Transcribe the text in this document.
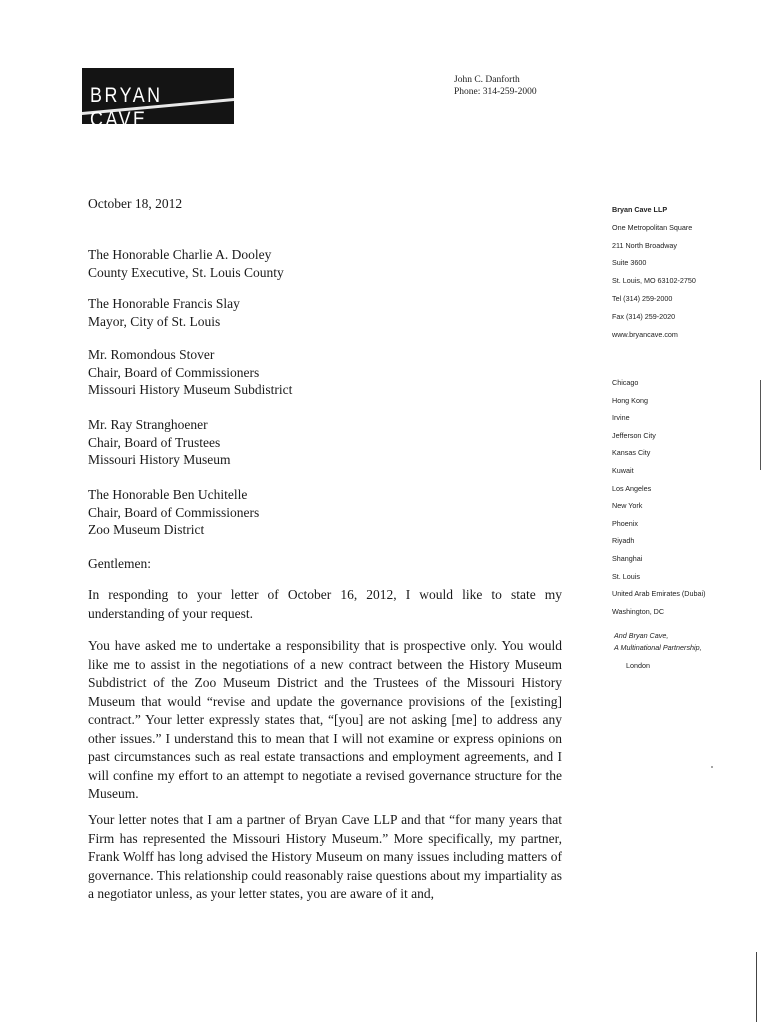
BRYAN CAVE
John C. Danforth
Phone: 314-259-2000
October 18, 2012
The Honorable Charlie A. Dooley
County Executive, St. Louis County
The Honorable Francis Slay
Mayor, City of St. Louis
Mr. Romondous Stover
Chair, Board of Commissioners
Missouri History Museum Subdistrict
Mr. Ray Stranghoener
Chair, Board of Trustees
Missouri History Museum
The Honorable Ben Uchitelle
Chair, Board of Commissioners
Zoo Museum District
Gentlemen:
In responding to your letter of October 16, 2012, I would like to state my understanding of your request.
You have asked me to undertake a responsibility that is prospective only. You would like me to assist in the negotiations of a new contract between the History Museum Subdistrict of the Zoo Museum District and the Trustees of the Missouri History Museum that would “revise and update the governance provisions of the [existing] contract.” Your letter expressly states that, “[you] are not asking [me] to address any other issues.” I understand this to mean that I will not examine or express opinions on past circumstances such as real estate transactions and employment agreements, and I will confine my effort to an attempt to negotiate a revised governance structure for the Museum.
Your letter notes that I am a partner of Bryan Cave LLP and that “for many years that Firm has represented the Missouri History Museum.” More specifically, my partner, Frank Wolff has long advised the History Museum on many issues including matters of governance. This relationship could reasonably raise questions about my impartiality as a negotiator unless, as your letter states, you are aware of it and,
Bryan Cave LLP
One Metropolitan Square
211 North Broadway
Suite 3600
St. Louis, MO 63102-2750
Tel (314) 259-2000
Fax (314) 259-2020
www.bryancave.com
Chicago
Hong Kong
Irvine
Jefferson City
Kansas City
Kuwait
Los Angeles
New York
Phoenix
Riyadh
Shanghai
St. Louis
United Arab Emirates (Dubai)
Washington, DC
And Bryan Cave,
A Multinational Partnership,
London
